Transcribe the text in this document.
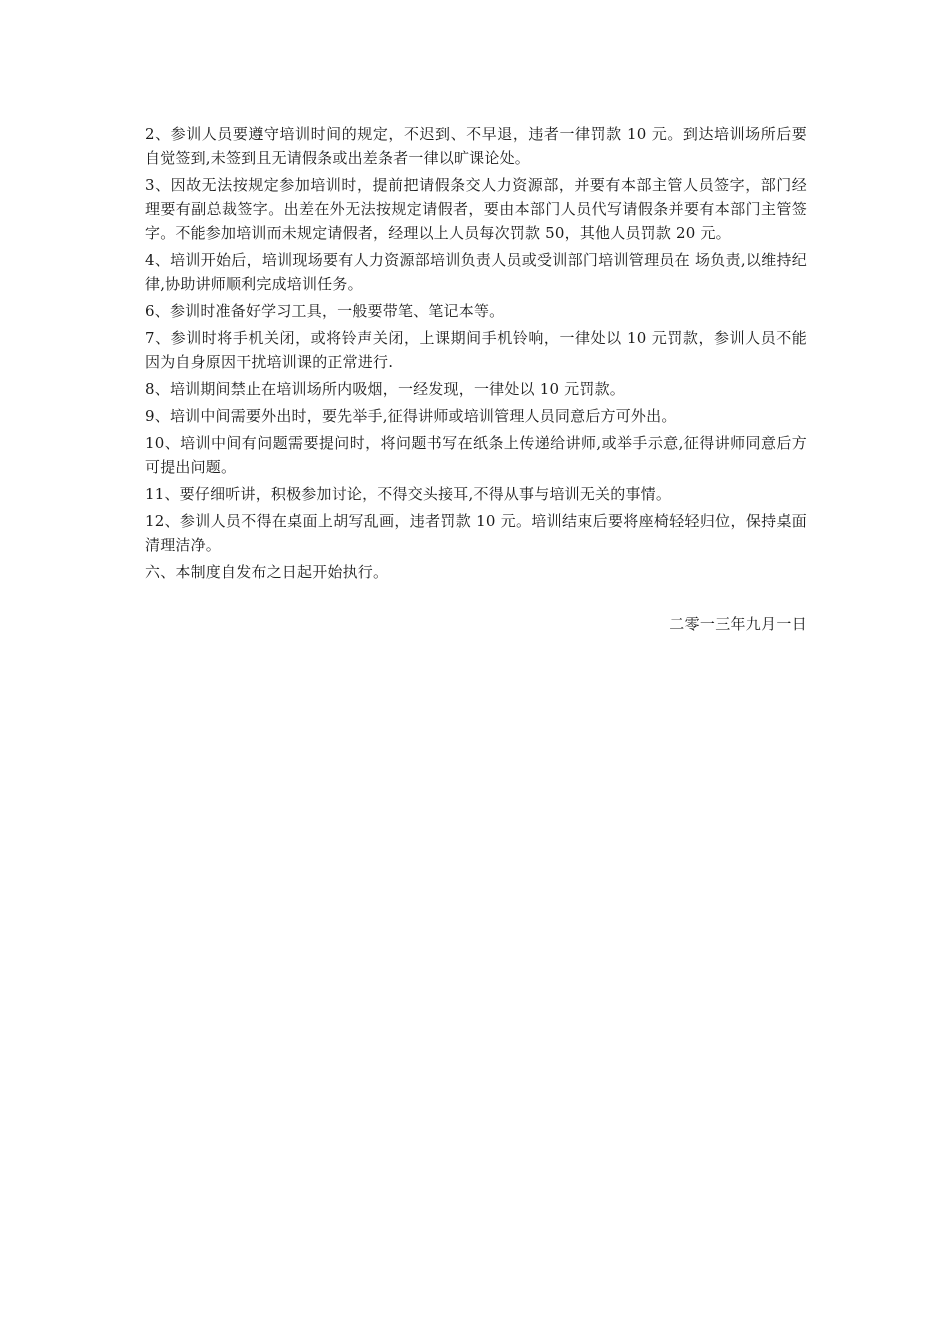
2、参训人员要遵守培训时间的规定，不迟到、不早退，违者一律罚款 10 元。到达培训场所后要自觉签到,未签到且无请假条或出差条者一律以旷课论处。

3、因故无法按规定参加培训时，提前把请假条交人力资源部，并要有本部主管人员签字，部门经理要有副总裁签字。出差在外无法按规定请假者，要由本部门人员代写请假条并要有本部门主管签字。不能参加培训而未规定请假者，经理以上人员每次罚款 50，其他人员罚款 20 元。

4、培训开始后，培训现场要有人力资源部培训负责人员或受训部门培训管理员在 场负责,以维持纪律,协助讲师顺利完成培训任务。

6、参训时准备好学习工具，一般要带笔、笔记本等。

7、参训时将手机关闭，或将铃声关闭，上课期间手机铃响，一律处以 10 元罚款，参训人员不能因为自身原因干扰培训课的正常进行.

8、培训期间禁止在培训场所内吸烟，一经发现，一律处以 10 元罚款。

9、培训中间需要外出时，要先举手,征得讲师或培训管理人员同意后方可外出。

10、培训中间有问题需要提问时，将问题书写在纸条上传递给讲师,或举手示意,征得讲师同意后方可提出问题。

11、要仔细听讲，积极参加讨论，不得交头接耳,不得从事与培训无关的事情。

12、参训人员不得在桌面上胡写乱画，违者罚款 10 元。培训结束后要将座椅轻轻归位，保持桌面清理洁净。

六、本制度自发布之日起开始执行。

二零一三年九月一日
